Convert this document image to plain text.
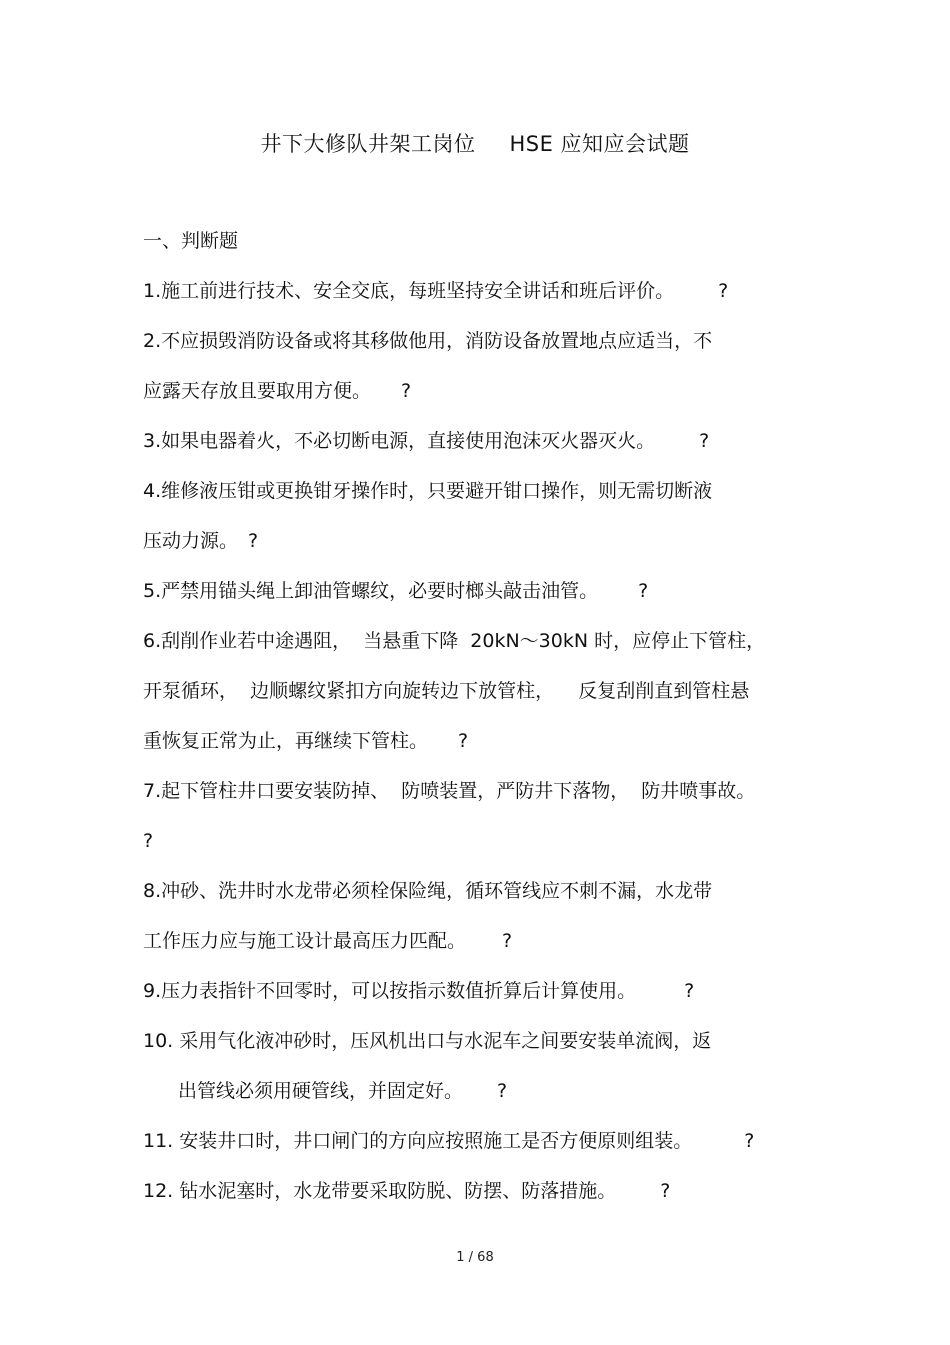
井下大修队井架工岗位 HSE 应知应会试题
一、判断题
1.施工前进行技术、安全交底，每班坚持安全讲话和班后评价。 ?
2.不应损毁消防设备或将其移做他用，消防设备放置地点应适当，不
应露天存放且要取用方便。 ?
3.如果电器着火，不必切断电源，直接使用泡沫灭火器灭火。 ?
4.维修液压钳或更换钳牙操作时，只要避开钳口操作，则无需切断液
压动力源。 ?
5.严禁用锚头绳上卸油管螺纹，必要时榔头敲击油管。 ?
6.刮削作业若中途遇阻，  当悬重下降  20kN～30kN 时，应停止下管柱，
开泵循环，  边顺螺纹紧扣方向旋转边下放管柱，    反复刮削直到管柱悬
重恢复正常为止，再继续下管柱。 ?
7.起下管柱井口要安装防掉、  防喷装置，严防井下落物，  防井喷事故。
?
8.冲砂、洗井时水龙带必须栓保险绳，循环管线应不刺不漏，水龙带
工作压力应与施工设计最高压力匹配。 ?
9.压力表指针不回零时，可以按指示数值折算后计算使用。	?
10. 采用气化液冲砂时，压风机出口与水泥车之间要安装单流阀，返
出管线必须用硬管线，并固定好。 ?
11. 安装井口时，井口闸门的方向应按照施工是否方便原则组装。	?
12. 钻水泥塞时，水龙带要采取防脱、防摆、防落措施。 ?
1 / 68
